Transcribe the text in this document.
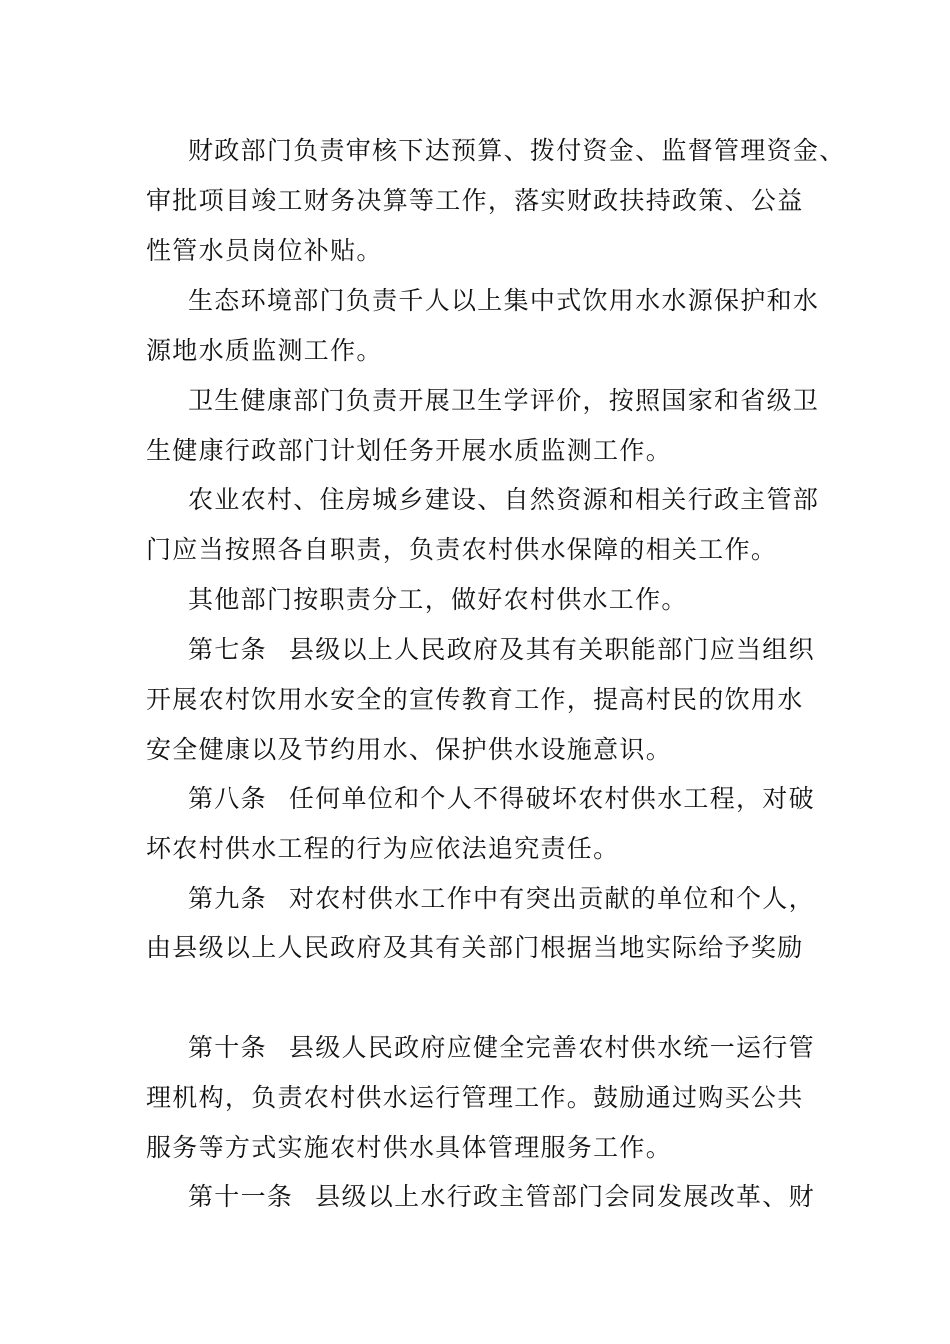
财政部门负责审核下达预算、拨付资金、监督管理资金、
审批项目竣工财务决算等工作，落实财政扶持政策、公益
性管水员岗位补贴。
生态环境部门负责千人以上集中式饮用水水源保护和水
源地水质监测工作。
卫生健康部门负责开展卫生学评价，按照国家和省级卫
生健康行政部门计划任务开展水质监测工作。
农业农村、住房城乡建设、自然资源和相关行政主管部
门应当按照各自职责，负责农村供水保障的相关工作。
其他部门按职责分工，做好农村供水工作。
第七条 县级以上人民政府及其有关职能部门应当组织
开展农村饮用水安全的宣传教育工作，提高村民的饮用水
安全健康以及节约用水、保护供水设施意识。
第八条 任何单位和个人不得破坏农村供水工程，对破
坏农村供水工程的行为应依法追究责任。
第九条 对农村供水工作中有突出贡献的单位和个人，
由县级以上人民政府及其有关部门根据当地实际给予奖励
第十条 县级人民政府应健全完善农村供水统一运行管
理机构，负责农村供水运行管理工作。鼓励通过购买公共
服务等方式实施农村供水具体管理服务工作。
第十一条 县级以上水行政主管部门会同发展改革、财
